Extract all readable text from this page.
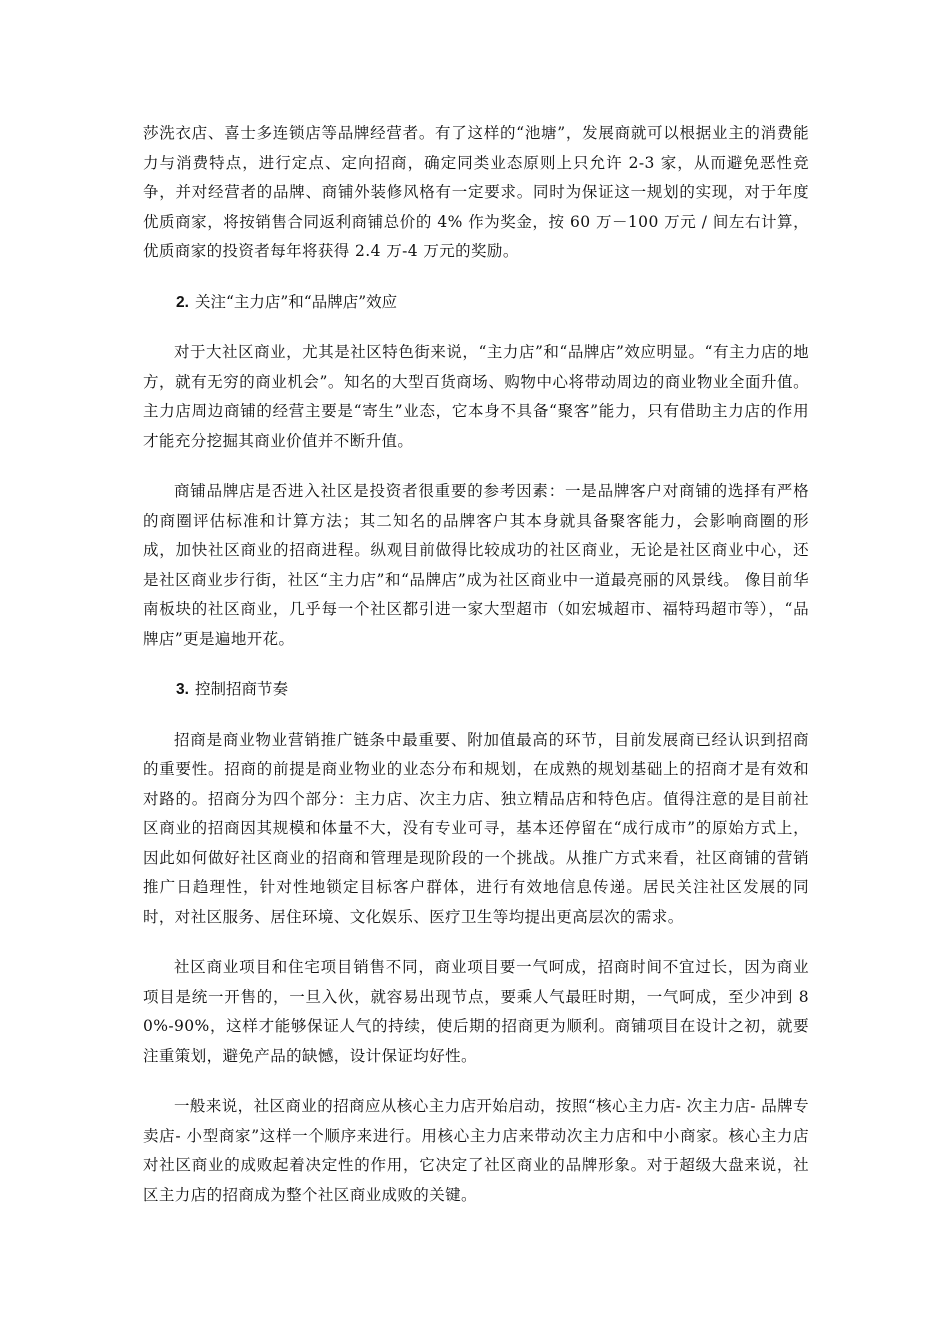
莎洗衣店、喜士多连锁店等品牌经营者。有了这样的“池塘”，发展商就可以根据业主的消费能力与消费特点，进行定点、定向招商，确定同类业态原则上只允许 2-3 家，从而避免恶性竞争，并对经营者的品牌、商铺外装修风格有一定要求。同时为保证这一规划的实现，对于年度优质商家，将按销售合同返利商铺总价的 4% 作为奖金，按 60 万－100 万元 / 间左右计算，优质商家的投资者每年将获得 2.4 万-4 万元的奖励。

2. 关注“主力店”和“品牌店”效应

对于大社区商业，尤其是社区特色街来说，“主力店”和“品牌店”效应明显。“有主力店的地方，就有无穷的商业机会”。知名的大型百货商场、购物中心将带动周边的商业物业全面升值。主力店周边商铺的经营主要是“寄生”业态，它本身不具备“聚客”能力，只有借助主力店的作用才能充分挖掘其商业价值并不断升值。

商铺品牌店是否进入社区是投资者很重要的参考因素：一是品牌客户对商铺的选择有严格的商圈评估标准和计算方法；其二知名的品牌客户其本身就具备聚客能力，会影响商圈的形成，加快社区商业的招商进程。纵观目前做得比较成功的社区商业，无论是社区商业中心，还是社区商业步行街，社区“主力店”和“品牌店”成为社区商业中一道最亮丽的风景线。 像目前华南板块的社区商业，几乎每一个社区都引进一家大型超市（如宏城超市、福特玛超市等），“品牌店”更是遍地开花。

3. 控制招商节奏

招商是商业物业营销推广链条中最重要、附加值最高的环节，目前发展商已经认识到招商的重要性。招商的前提是商业物业的业态分布和规划，在成熟的规划基础上的招商才是有效和对路的。招商分为四个部分：主力店、次主力店、独立精品店和特色店。值得注意的是目前社区商业的招商因其规模和体量不大，没有专业可寻，基本还停留在“成行成市”的原始方式上，因此如何做好社区商业的招商和管理是现阶段的一个挑战。从推广方式来看，社区商铺的营销推广日趋理性，针对性地锁定目标客户群体，进行有效地信息传递。居民关注社区发展的同时，对社区服务、居住环境、文化娱乐、医疗卫生等均提出更高层次的需求。

社区商业项目和住宅项目销售不同，商业项目要一气呵成，招商时间不宜过长，因为商业项目是统一开售的，一旦入伙，就容易出现节点，要乘人气最旺时期，一气呵成，至少冲到 80%-90%，这样才能够保证人气的持续，使后期的招商更为顺利。商铺项目在设计之初，就要注重策划，避免产品的缺憾，设计保证均好性。

一般来说，社区商业的招商应从核心主力店开始启动，按照“核心主力店- 次主力店- 品牌专卖店- 小型商家”这样一个顺序来进行。用核心主力店来带动次主力店和中小商家。核心主力店对社区商业的成败起着决定性的作用，它决定了社区商业的品牌形象。对于超级大盘来说，社区主力店的招商成为整个社区商业成败的关键。
